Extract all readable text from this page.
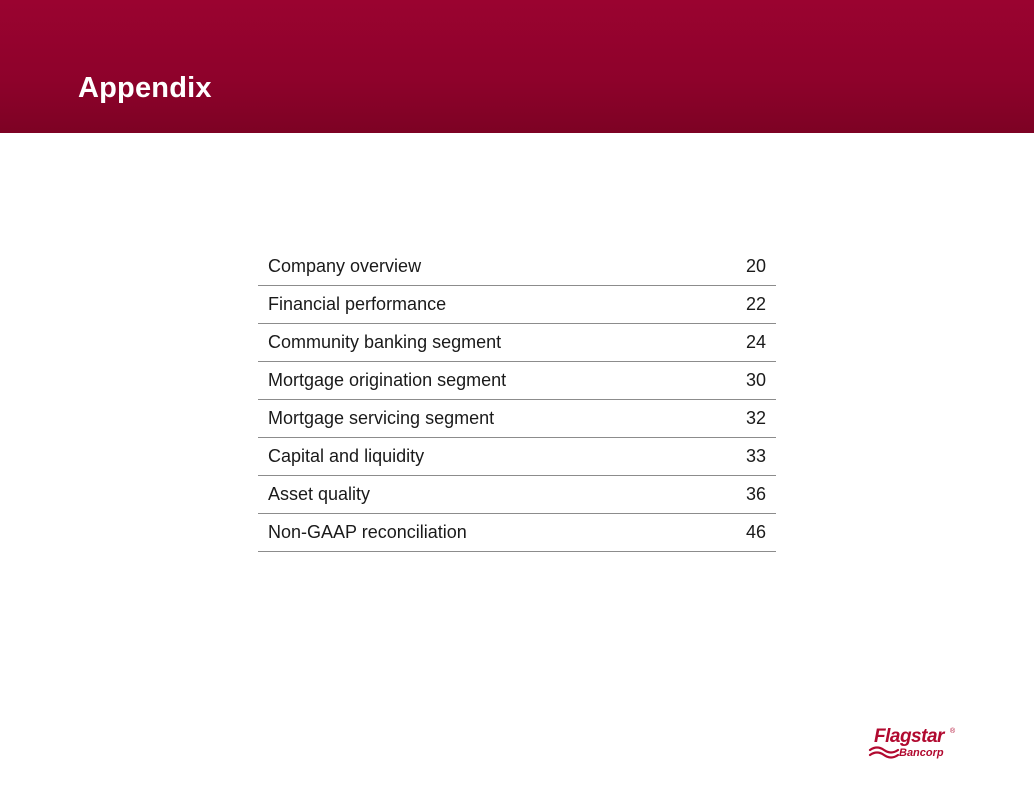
Appendix
Company overview	20
Financial performance	22
Community banking segment	24
Mortgage origination segment	30
Mortgage servicing segment	32
Capital and liquidity	33
Asset quality	36
Non-GAAP reconciliation	46
Flagstar ®
Bancorp
